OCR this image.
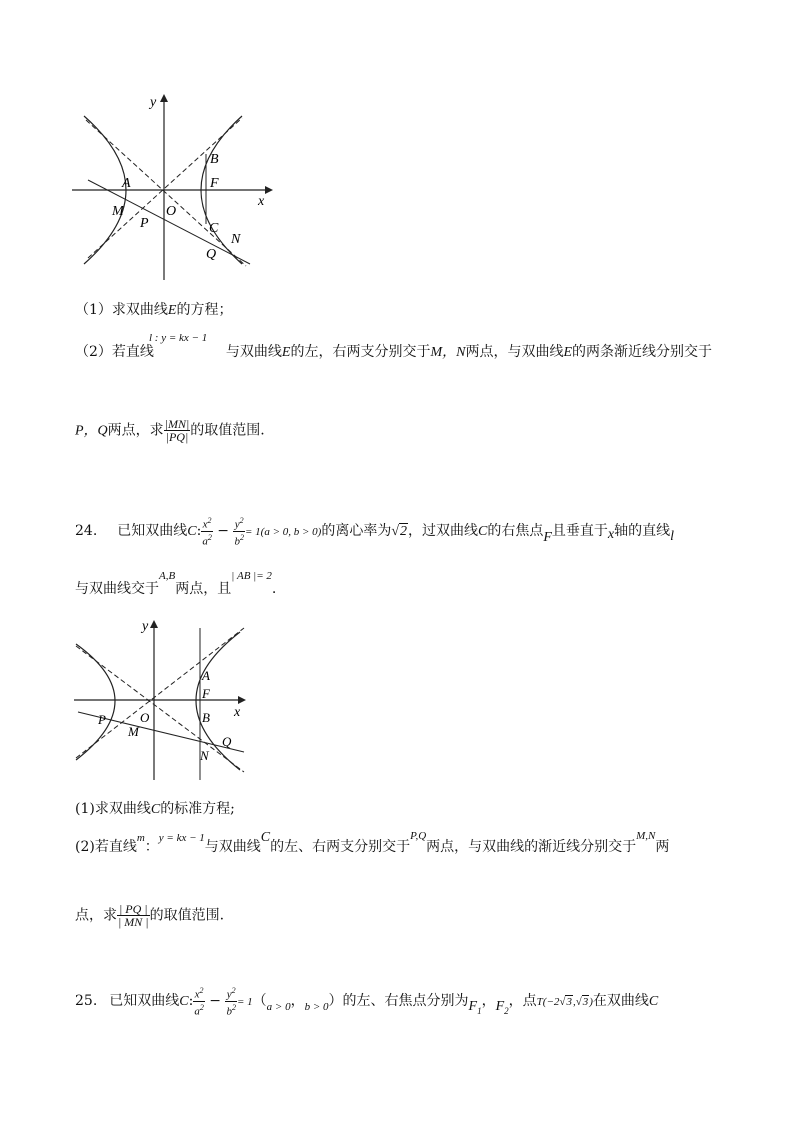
y
x
B
F
A
O
M
P	C
N
Q
（1）求双曲线E的方程；
l : y = kx − 1
（2）若直线	与双曲线E的左，右两支分别交于M，N两点，与双曲线E的两条渐近线分别交于
P，Q两点，求 $\frac{|MN|}{|PQ|}$ 的取值范围.
24. 已知双曲线C: $\frac{x^2}{a^2} - \frac{y^2}{b^2} = 1(a > 0$, b > 0)的离心率为√2，过双曲线C的右焦点F且垂直于x轴的直线l
与双曲线交于$^{A,B}$两点，且$^{| AB |= 2}$.
y
x
A
F
O	B
P
M
Q
N
(1)求双曲线C的标准方程;
(2)若直线$^m$：$^{y = kx - 1}$与双曲线C的左、右两支分别交于$^{P,Q}$两点，与双曲线的渐近线分别交于$^{M,N}$两
点，求 $\frac{| PQ |}{| MN |}$ 的取值范围.
25. 已知双曲线C: $\frac{x^2}{a^2} - \frac{y^2}{b^2} = 1(_{a > 0}$，$_{b > 0}$）的左、右焦点分别为$F_1$，$F_2$，点T(−2√3,√3)在双曲线C
